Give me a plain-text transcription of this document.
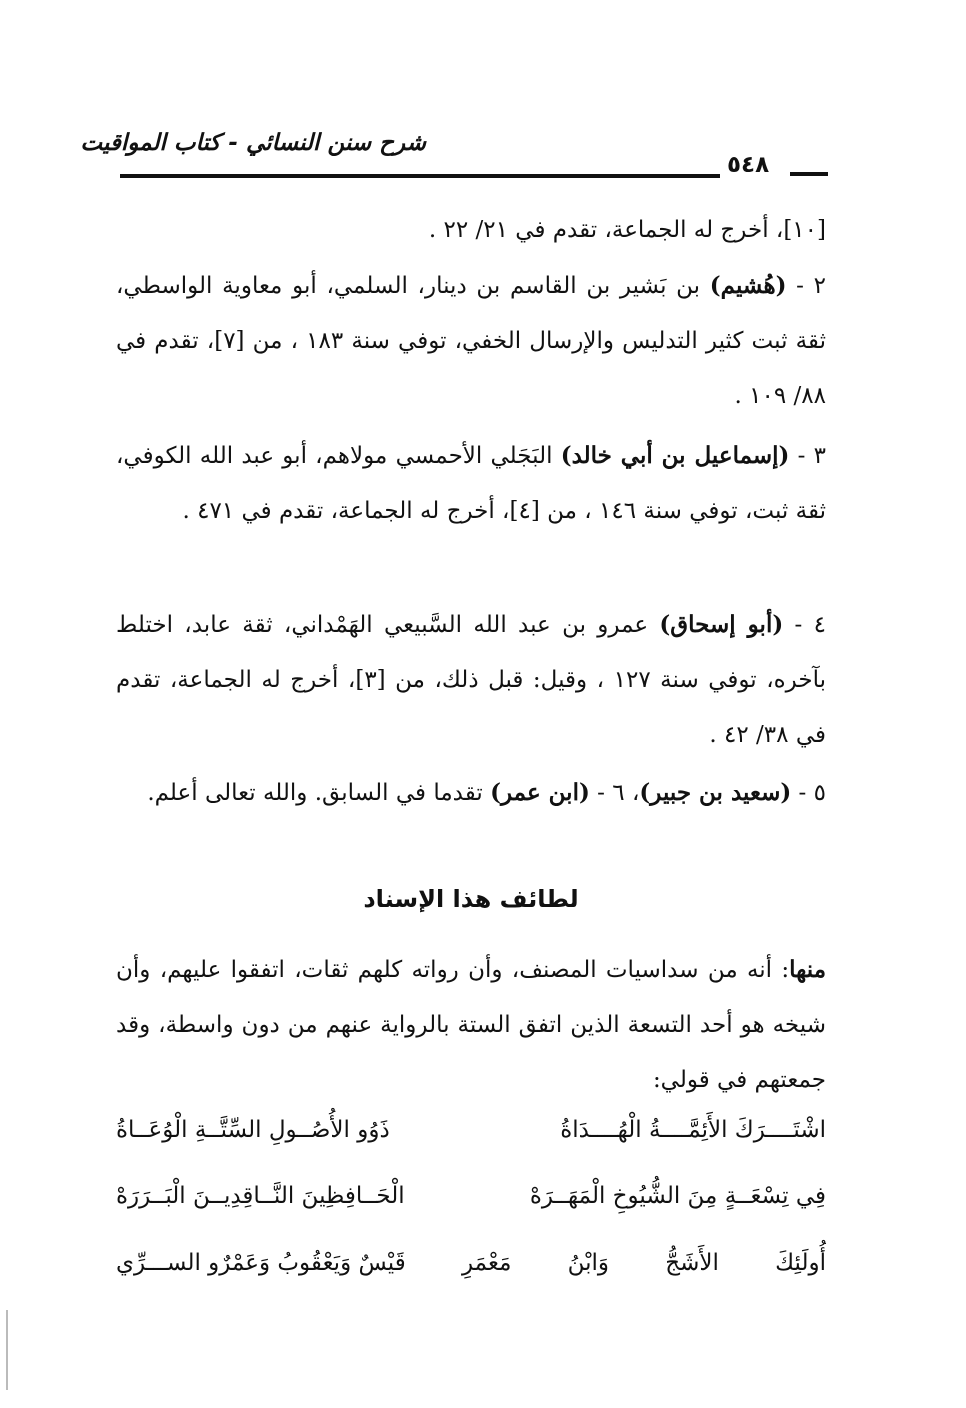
شرح سنن النسائي - كتاب المواقيت
٥٤٨

[١٠]، أخرج له الجماعة، تقدم في ٢١/ ٢٢ .

٢ - (هُشيم) بن بَشير بن القاسم بن دينار، السلمي، أبو معاوية الواسطي، ثقة ثبت كثير التدليس والإرسال الخفي، توفي سنة ١٨٣ ، من [٧]، تقدم في ٨٨/ ١٠٩ .

٣ - (إسماعيل بن أبي خالد) البَجَلي الأحمسي مولاهم، أبو عبد الله الكوفي، ثقة ثبت، توفي سنة ١٤٦ ، من [٤]، أخرج له الجماعة، تقدم في ٤٧١ .

٤ - (أبو إسحاق) عمرو بن عبد الله السَّبيعي الهَمْداني، ثقة عابد، اختلط بآخره، توفي سنة ١٢٧ ، وقيل: قبل ذلك، من [٣]، أخرج له الجماعة، تقدم في ٣٨/ ٤٢ .

٥ - (سعيد بن جبير)، ٦ - (ابن عمر) تقدما في السابق. والله تعالى أعلم.

لطائف هذا الإسناد

منها: أنه من سداسيات المصنف، وأن رواته كلهم ثقات، اتفقوا عليهم، وأن شيخه هو أحد التسعة الذين اتفق الستة بالرواية عنهم من دون واسطة، وقد جمعتهم في قولي:

اشْتَــــرَكَ الأَئِمَّــــةُ الْهُــــدَاةُ
ذَوُو الأُصُــولِ السِّتَّــةِ الْوُعَــاةُ
فِي تِسْعَــةٍ مِنَ الشُّيُوخِ الْمَهَــرَهْ
الْحَــافِظِينَ النَّــاقِدِيــنَ الْبَــرَرَهْ
أُولَئِكَ
الأَشَجُّ
وَابْنُ
مَعْمَرِ
قَيْسٌ وَيَعْقُوبُ وَعَمْرٌو الســـرِّي
